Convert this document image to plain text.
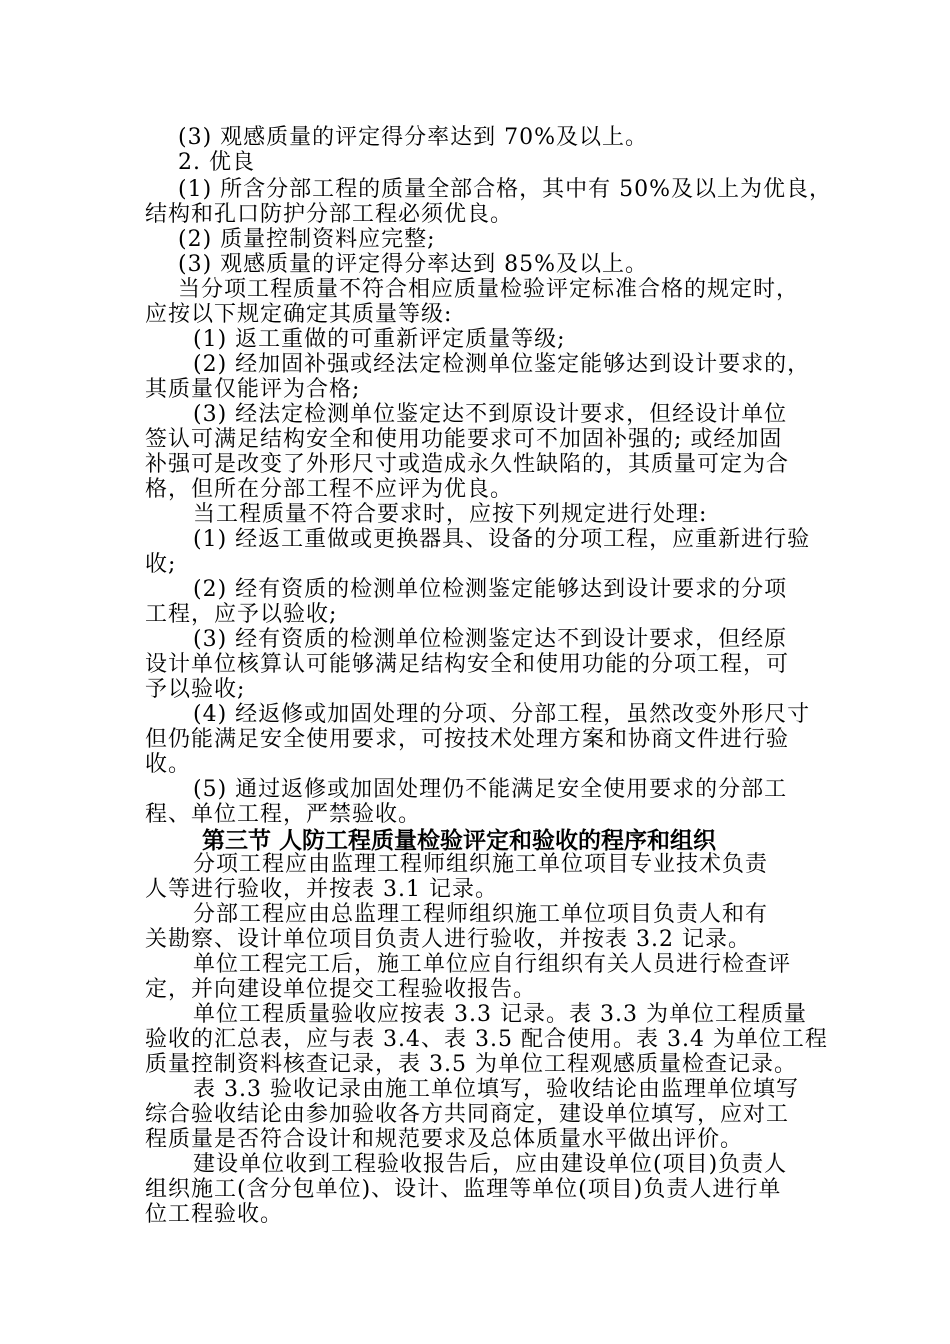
(3) 观感质量的评定得分率达到 70%及以上。
2. 优良
(1) 所含分部工程的质量全部合格，其中有 50%及以上为优良，
结构和孔口防护分部工程必须优良。
(2) 质量控制资料应完整;
(3) 观感质量的评定得分率达到 85%及以上。
当分项工程质量不符合相应质量检验评定标准合格的规定时，
应按以下规定确定其质量等级:
(1) 返工重做的可重新评定质量等级;
(2) 经加固补强或经法定检测单位鉴定能够达到设计要求的，
其质量仅能评为合格;
(3) 经法定检测单位鉴定达不到原设计要求，但经设计单位
签认可满足结构安全和使用功能要求可不加固补强的; 或经加固
补强可是改变了外形尺寸或造成永久性缺陷的，其质量可定为合
格，但所在分部工程不应评为优良。
当工程质量不符合要求时，应按下列规定进行处理:
(1) 经返工重做或更换器具、设备的分项工程，应重新进行验
收;
(2) 经有资质的检测单位检测鉴定能够达到设计要求的分项
工程，应予以验收;
(3) 经有资质的检测单位检测鉴定达不到设计要求，但经原
设计单位核算认可能够满足结构安全和使用功能的分项工程，可
予以验收;
(4) 经返修或加固处理的分项、分部工程，虽然改变外形尺寸
但仍能满足安全使用要求，可按技术处理方案和协商文件进行验
收。
(5) 通过返修或加固处理仍不能满足安全使用要求的分部工
程、单位工程，严禁验收。
第三节 人防工程质量检验评定和验收的程序和组织
分项工程应由监理工程师组织施工单位项目专业技术负责
人等进行验收，并按表 3.1 记录。
分部工程应由总监理工程师组织施工单位项目负责人和有
关勘察、设计单位项目负责人进行验收，并按表 3.2 记录。
单位工程完工后，施工单位应自行组织有关人员进行检查评
定，并向建设单位提交工程验收报告。
单位工程质量验收应按表 3.3 记录。表 3.3 为单位工程质量
验收的汇总表，应与表 3.4、表 3.5 配合使用。表 3.4 为单位工程
质量控制资料核查记录，表 3.5 为单位工程观感质量检查记录。
表 3.3 验收记录由施工单位填写，验收结论由监理单位填写
综合验收结论由参加验收各方共同商定，建设单位填写，应对工
程质量是否符合设计和规范要求及总体质量水平做出评价。
建设单位收到工程验收报告后，应由建设单位(项目)负责人
组织施工(含分包单位)、设计、监理等单位(项目)负责人进行单
位工程验收。
